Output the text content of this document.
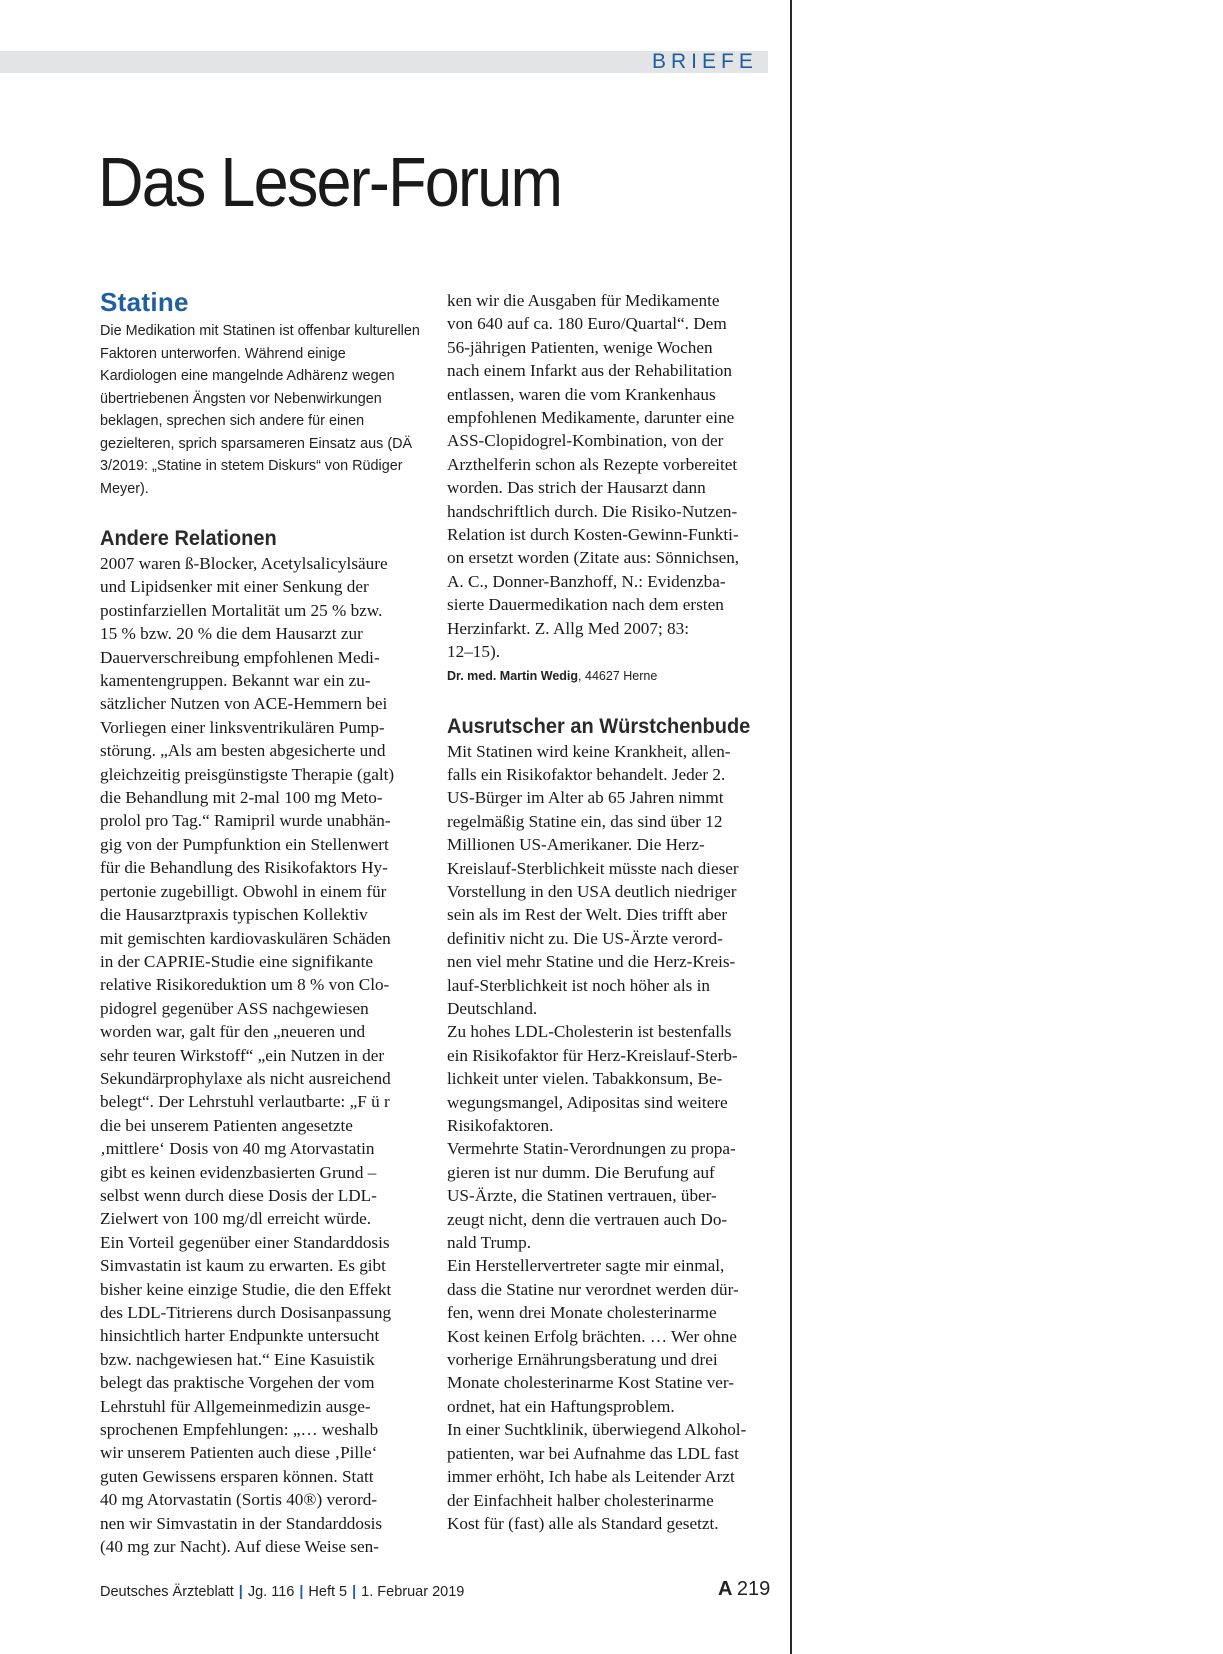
BRIEFE
Das Leser-Forum
Statine

Die Medikation mit Statinen ist offenbar kulturellen Faktoren unterworfen. Während einige Kardiologen eine mangelnde Adhärenz wegen übertriebenen Ängsten vor Nebenwirkungen beklagen, sprechen sich andere für einen gezielteren, sprich sparsameren Einsatz aus (DÄ 3/2019: „Statine in stetem Diskurs“ von Rüdiger Meyer).

Andere Relationen

2007 waren ß-Blocker, Acetylsalicylsäure
und Lipidsenker mit einer Senkung der
postinfarziellen Mortalität um 25 % bzw.
15 % bzw. 20 % die dem Hausarzt zur
Dauerverschreibung empfohlenen Medi-
kamentengruppen. Bekannt war ein zu-
sätzlicher Nutzen von ACE-Hemmern bei
Vorliegen einer linksventrikulären Pump-
störung. „Als am besten abgesicherte und
gleichzeitig preisgünstigste Therapie (galt)
die Behandlung mit 2-mal 100 mg Meto-
prolol pro Tag.“ Ramipril wurde unabhän-
gig von der Pumpfunktion ein Stellenwert
für die Behandlung des Risikofaktors Hy-
pertonie zugebilligt. Obwohl in einem für
die Hausarztpraxis typischen Kollektiv
mit gemischten kardiovaskulären Schäden
in der CAPRIE-Studie eine signifikante
relative Risikoreduktion um 8 % von Clo-
pidogrel gegenüber ASS nachgewiesen
worden war, galt für den „neueren und
sehr teuren Wirkstoff“ „ein Nutzen in der
Sekundärprophylaxe als nicht ausreichend
belegt“. Der Lehrstuhl verlautbarte: „F ü r
die bei unserem Patienten angesetzte
‚mittlere‘ Dosis von 40 mg Atorvastatin
gibt es keinen evidenzbasierten Grund –
selbst wenn durch diese Dosis der LDL-
Zielwert von 100 mg/dl erreicht würde.
Ein Vorteil gegenüber einer Standarddosis
Simvastatin ist kaum zu erwarten. Es gibt
bisher keine einzige Studie, die den Effekt
des LDL-Titrierens durch Dosisanpassung
hinsichtlich harter Endpunkte untersucht
bzw. nachgewiesen hat.“ Eine Kasuistik
belegt das praktische Vorgehen der vom
Lehrstuhl für Allgemeinmedizin ausge-
sprochenen Empfehlungen: „… weshalb
wir unserem Patienten auch diese ‚Pille‘
guten Gewissens ersparen können. Statt
40 mg Atorvastatin (Sortis 40®) verord-
nen wir Simvastatin in der Standarddosis
(40 mg zur Nacht). Auf diese Weise sen-

ken wir die Ausgaben für Medikamente
von 640 auf ca. 180 Euro/Quartal“. Dem
56-jährigen Patienten, wenige Wochen
nach einem Infarkt aus der Rehabilitation
entlassen, waren die vom Krankenhaus
empfohlenen Medikamente, darunter eine
ASS-Clopidogrel-Kombination, von der
Arzthelferin schon als Rezepte vorbereitet
worden. Das strich der Hausarzt dann
handschriftlich durch. Die Risiko-Nutzen-
Relation ist durch Kosten-Gewinn-Funkti-
on ersetzt worden (Zitate aus: Sönnichsen,
A. C., Donner-Banzhoff, N.: Evidenzba-
sierte Dauermedikation nach dem ersten
Herzinfarkt. Z. Allg Med 2007; 83:
12–15).

Dr. med. Martin Wedig, 44627 Herne

Ausrutscher an Würstchenbude

Mit Statinen wird keine Krankheit, allen-
falls ein Risikofaktor behandelt. Jeder 2.
US-Bürger im Alter ab 65 Jahren nimmt
regelmäßig Statine ein, das sind über 12
Millionen US-Amerikaner. Die Herz-
Kreislauf-Sterblichkeit müsste nach dieser
Vorstellung in den USA deutlich niedriger
sein als im Rest der Welt. Dies trifft aber
definitiv nicht zu. Die US-Ärzte verord-
nen viel mehr Statine und die Herz-Kreis-
lauf-Sterblichkeit ist noch höher als in
Deutschland.
Zu hohes LDL-Cholesterin ist bestenfalls
ein Risikofaktor für Herz-Kreislauf-Sterb-
lichkeit unter vielen. Tabakkonsum, Be-
wegungsmangel, Adipositas sind weitere
Risikofaktoren.
Vermehrte Statin-Verordnungen zu propa-
gieren ist nur dumm. Die Berufung auf
US-Ärzte, die Statinen vertrauen, über-
zeugt nicht, denn die vertrauen auch Do-
nald Trump.
Ein Herstellervertreter sagte mir einmal,
dass die Statine nur verordnet werden dür-
fen, wenn drei Monate cholesterinarme
Kost keinen Erfolg brächten. … Wer ohne
vorherige Ernährungsberatung und drei
Monate cholesterinarme Kost Statine ver-
ordnet, hat ein Haftungsproblem.
In einer Suchtklinik, überwiegend Alkohol-
patienten, war bei Aufnahme das LDL fast
immer erhöht, Ich habe als Leitender Arzt
der Einfachheit halber cholesterinarme
Kost für (fast) alle als Standard gesetzt.

Deutsches Ärzteblatt | Jg. 116 | Heft 5 | 1. Februar 2019	A 219
